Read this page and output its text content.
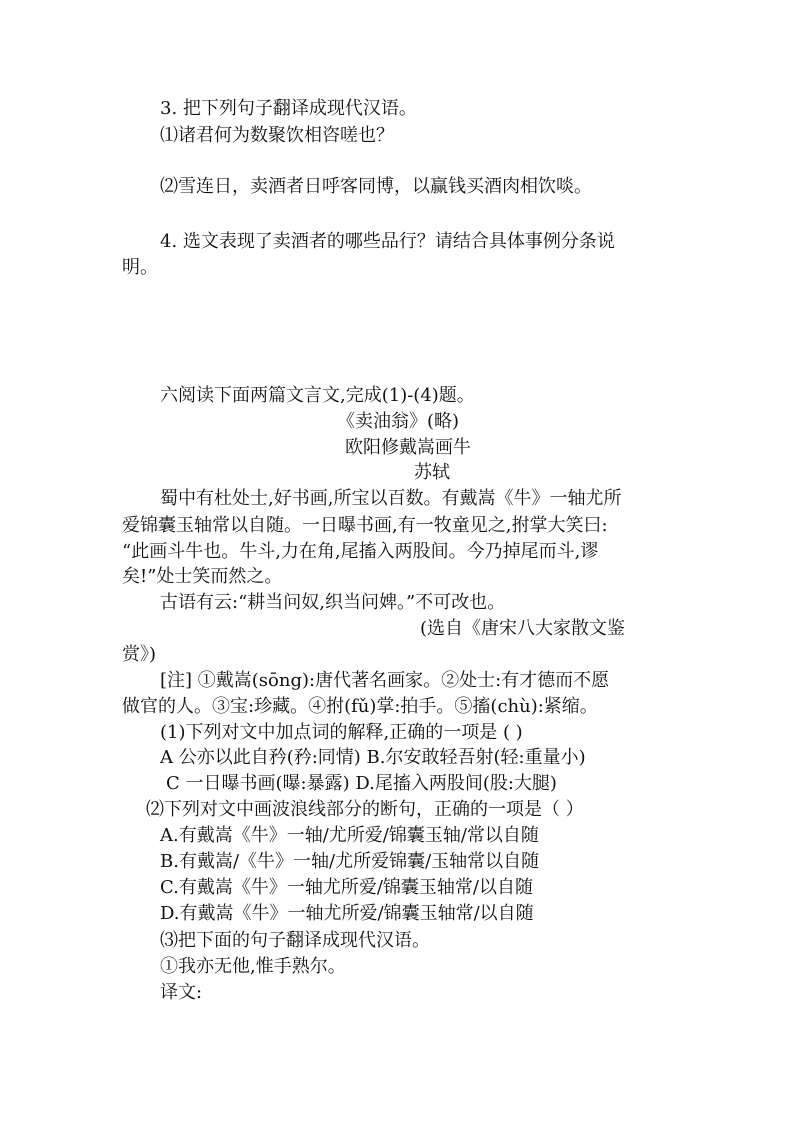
3. 把下列句子翻译成现代汉语。
⑴诸君何为数聚饮相咨嗟也？
⑵雪连日，卖酒者日呼客同博，以赢钱买酒肉相饮啖。
4. 选文表现了卖酒者的哪些品行？请结合具体事例分条说
明。
六阅读下面两篇文言文,完成(1)-(4)题。
《卖油翁》(略)
欧阳修戴嵩画牛
苏轼
蜀中有杜处士,好书画,所宝以百数。有戴嵩《牛》一轴尤所
爱锦囊玉轴常以自随。一日曝书画,有一牧童见之,拊掌大笑曰:
“此画斗牛也。牛斗,力在角,尾搐入两股间。今乃掉尾而斗,谬
矣!”处士笑而然之。
古语有云:“耕当问奴,织当问婢。”不可改也。
(选自《唐宋八大家散文鉴
赏》)
[注] ①戴嵩(sōng):唐代著名画家。②处士:有才德而不愿
做官的人。③宝:珍藏。④拊(fǔ)掌:拍手。⑤搐(chù):紧缩。
(1)下列对文中加点词的解释,正确的一项是 ( )
A 公亦以此自矜(矜:同情) B.尔安敢轻吾射(轻:重量小)
C 一日曝书画(曝:暴露) D.尾搐入两股间(股:大腿)
⑵下列对文中画波浪线部分的断句，正确的一项是（ ）
A.有戴嵩《牛》一轴/尤所爱/锦囊玉轴/常以自随
B.有戴嵩/《牛》一轴/尤所爱锦囊/玉轴常以自随
C.有戴嵩《牛》一轴尤所爱/锦囊玉轴常/以自随
D.有戴嵩《牛》一轴尤所爱/锦囊玉轴常/以自随
⑶把下面的句子翻译成现代汉语。
①我亦无他,惟手熟尔。
译文:
